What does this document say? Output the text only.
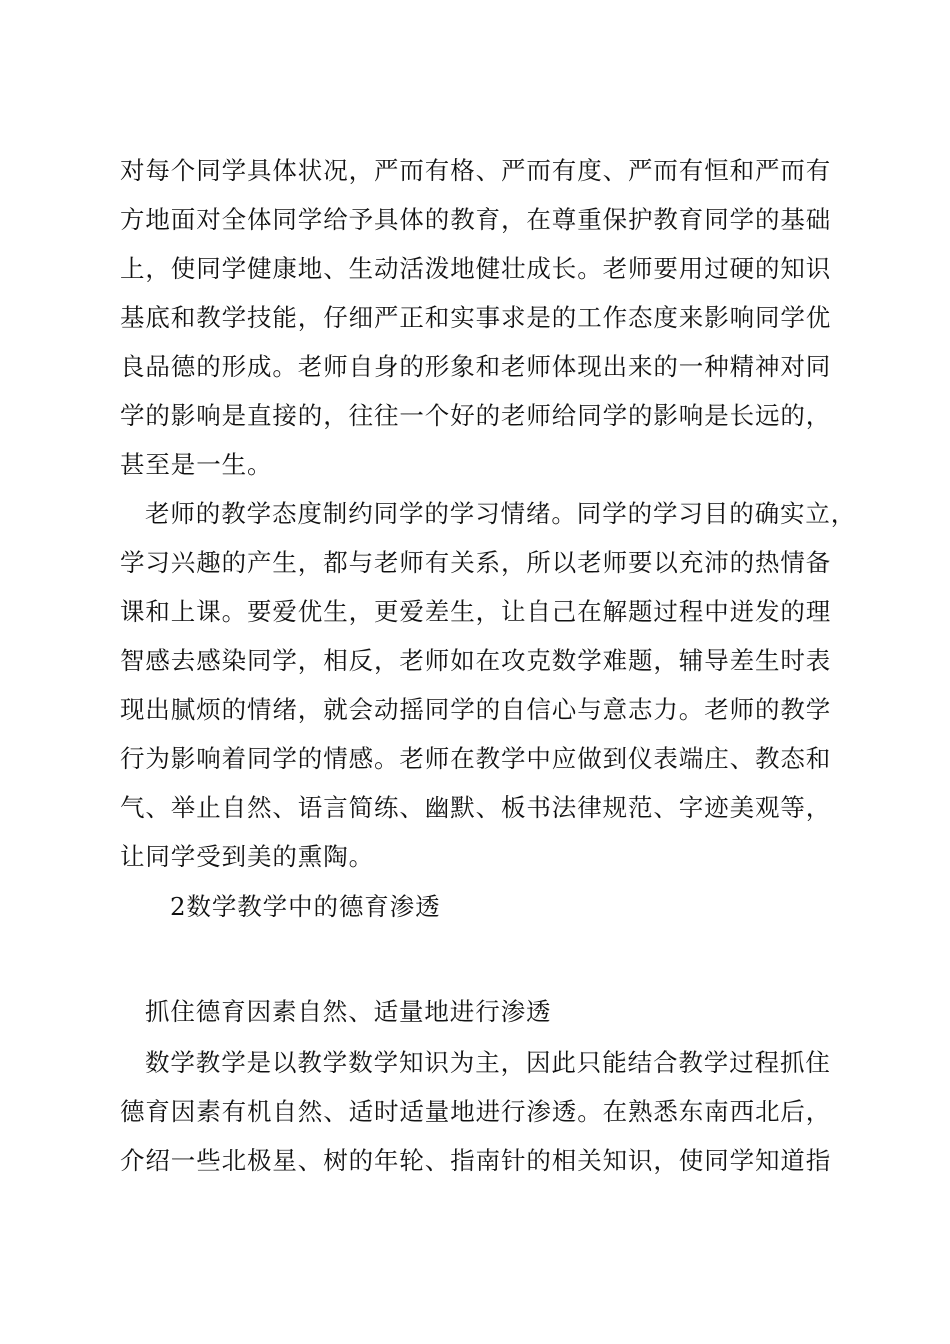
对每个同学具体状况，严而有格、严而有度、严而有恒和严而有

方地面对全体同学给予具体的教育，在尊重保护教育同学的基础

上，使同学健康地、生动活泼地健壮成长。老师要用过硬的知识

基底和教学技能，仔细严正和实事求是的工作态度来影响同学优

良品德的形成。老师自身的形象和老师体现出来的一种精神对同

学的影响是直接的，往往一个好的老师给同学的影响是长远的，

甚至是一生。

老师的教学态度制约同学的学习情绪。同学的学习目的确实立，

学习兴趣的产生，都与老师有关系，所以老师要以充沛的热情备

课和上课。要爱优生，更爱差生，让自己在解题过程中迸发的理

智感去感染同学，相反，老师如在攻克数学难题，辅导差生时表

现出腻烦的情绪，就会动摇同学的自信心与意志力。老师的教学

行为影响着同学的情感。老师在教学中应做到仪表端庄、教态和

气、举止自然、语言简练、幽默、板书法律规范、字迹美观等，

让同学受到美的熏陶。

2数学教学中的德育渗透

抓住德育因素自然、适量地进行渗透

数学教学是以教学数学知识为主，因此只能结合教学过程抓住

德育因素有机自然、适时适量地进行渗透。在熟悉东南西北后，

介绍一些北极星、树的年轮、指南针的相关知识，使同学知道指
